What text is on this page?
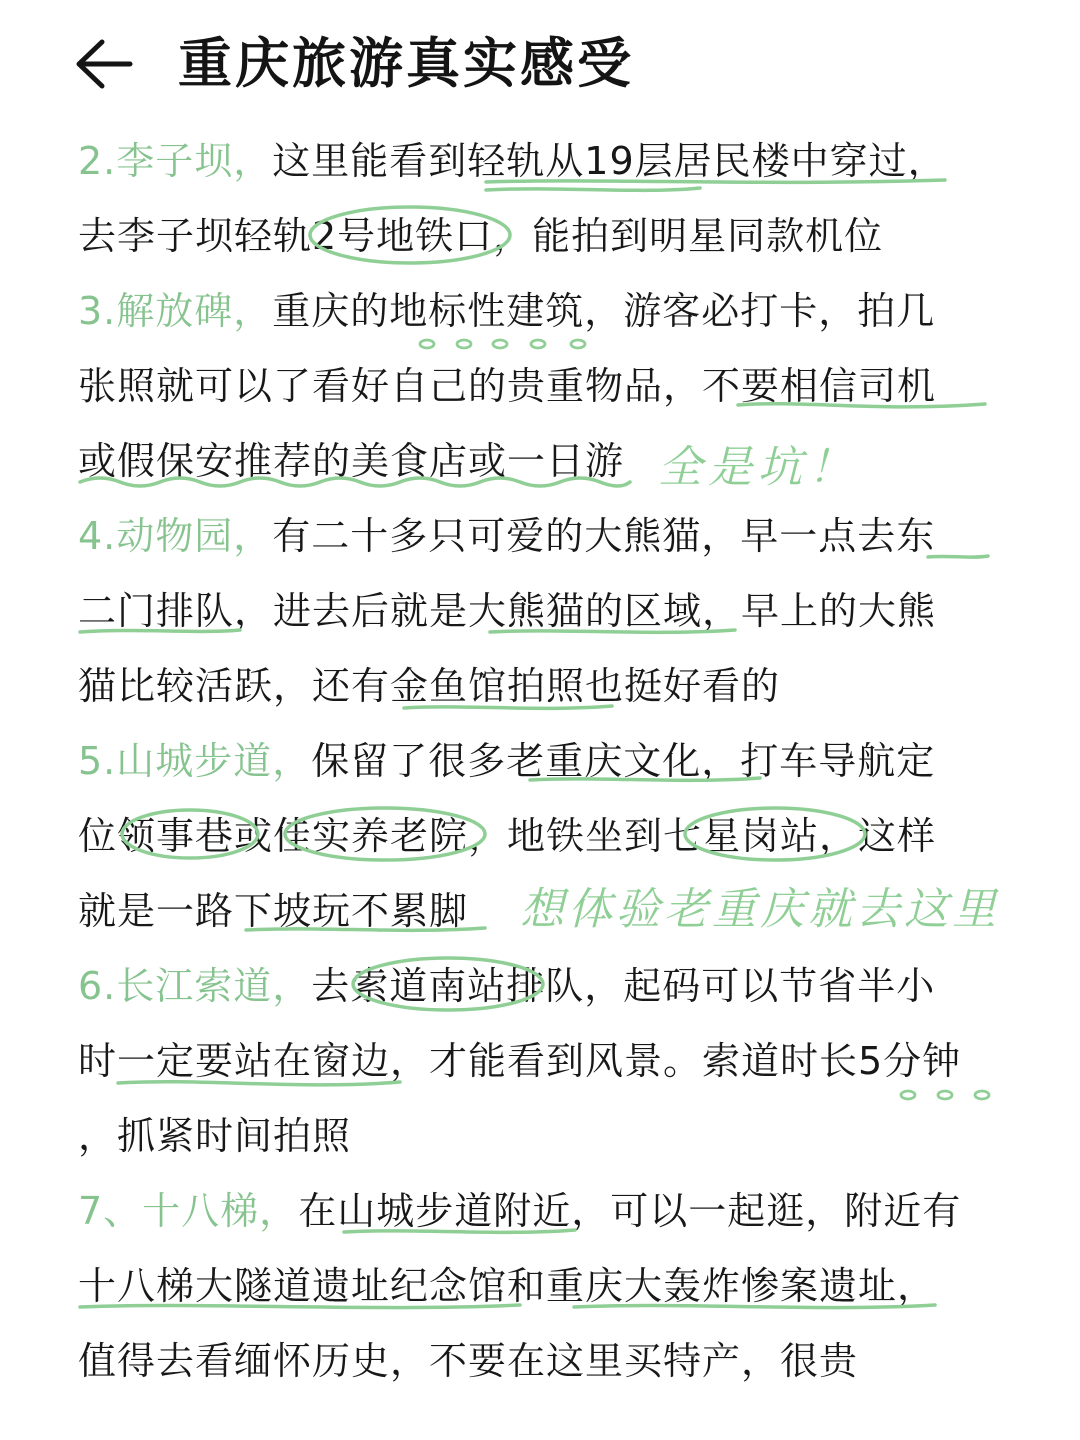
重庆旅游真实感受
2.李子坝，这里能看到轻轨从19层居民楼中穿过，
去李子坝轻轨2号地铁口，能拍到明星同款机位
3.解放碑，重庆的地标性建筑，游客必打卡，拍几
张照就可以了看好自己的贵重物品，不要相信司机
或假保安推荐的美食店或一日游
4.动物园，有二十多只可爱的大熊猫，早一点去东
二门排队，进去后就是大熊猫的区域，早上的大熊
猫比较活跃，还有金鱼馆拍照也挺好看的
5.山城步道，保留了很多老重庆文化，打车导航定
位领事巷或佳实养老院，地铁坐到七星岗站，这样
就是一路下坡玩不累脚
6.长江索道，去索道南站排队，起码可以节省半小
时一定要站在窗边，才能看到风景。索道时长5分钟
，抓紧时间拍照
7、十八梯，在山城步道附近，可以一起逛，附近有
十八梯大隧道遗址纪念馆和重庆大轰炸惨案遗址，
值得去看缅怀历史，不要在这里买特产，很贵
全是坑！
想体验老重庆就去这里
